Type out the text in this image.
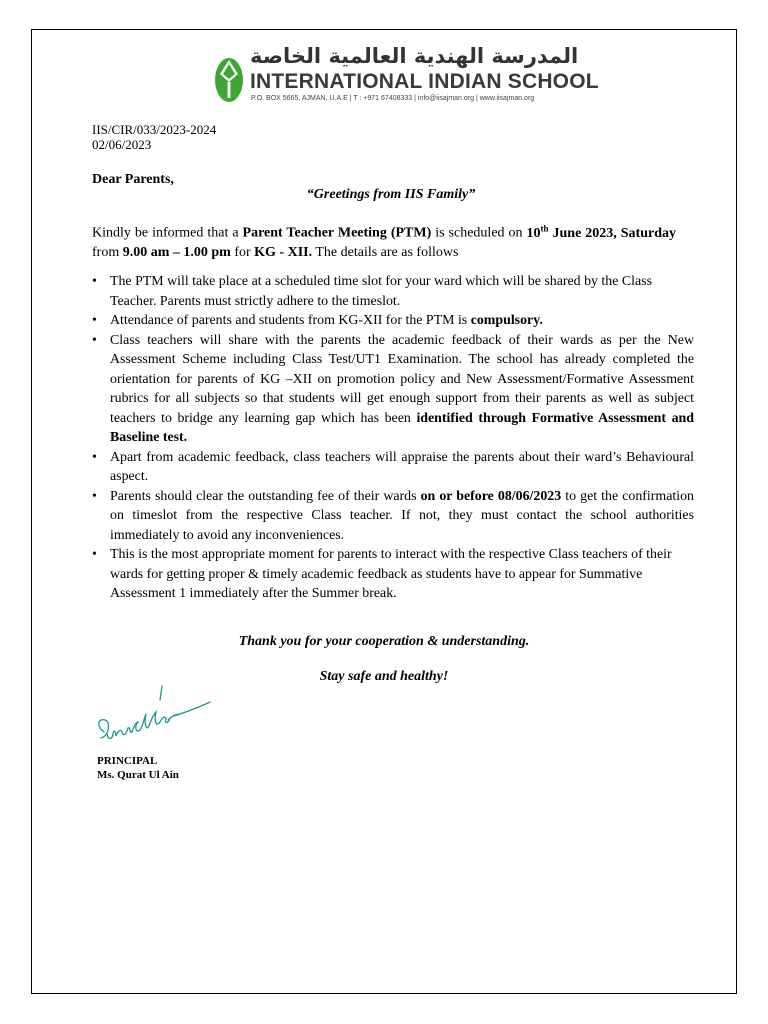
المدرسة الهندية العالمية الخاصة
INTERNATIONAL INDIAN SCHOOL
P.O. BOX 5665, AJMAN, U.A.E | T : +971 67408333 | info@iisajman.org | www.iisajman.org
IIS/CIR/033/2023-2024
02/06/2023
Dear Parents,
“Greetings from IIS Family”
Kindly be informed that a Parent Teacher Meeting (PTM) is scheduled on 10th June 2023, Saturday from 9.00 am – 1.00 pm for KG - XII. The details are as follows
• The PTM will take place at a scheduled time slot for your ward which will be shared by the Class Teacher. Parents must strictly adhere to the timeslot.
• Attendance of parents and students from KG-XII for the PTM is compulsory.
• Class teachers will share with the parents the academic feedback of their wards as per the New Assessment Scheme including Class Test/UT1 Examination. The school has already completed the orientation for parents of KG –XII on promotion policy and New Assessment/Formative Assessment rubrics for all subjects so that students will get enough support from their parents as well as subject teachers to bridge any learning gap which has been identified through Formative Assessment and Baseline test.
• Apart from academic feedback, class teachers will appraise the parents about their ward’s Behavioural aspect.
• Parents should clear the outstanding fee of their wards on or before 08/06/2023 to get the confirmation on timeslot from the respective Class teacher. If not, they must contact the school authorities immediately to avoid any inconveniences.
• This is the most appropriate moment for parents to interact with the respective Class teachers of their wards for getting proper & timely academic feedback as students have to appear for Summative Assessment 1 immediately after the Summer break.
Thank you for your cooperation & understanding.
Stay safe and healthy!
PRINCIPAL
Ms. Qurat Ul Ain
